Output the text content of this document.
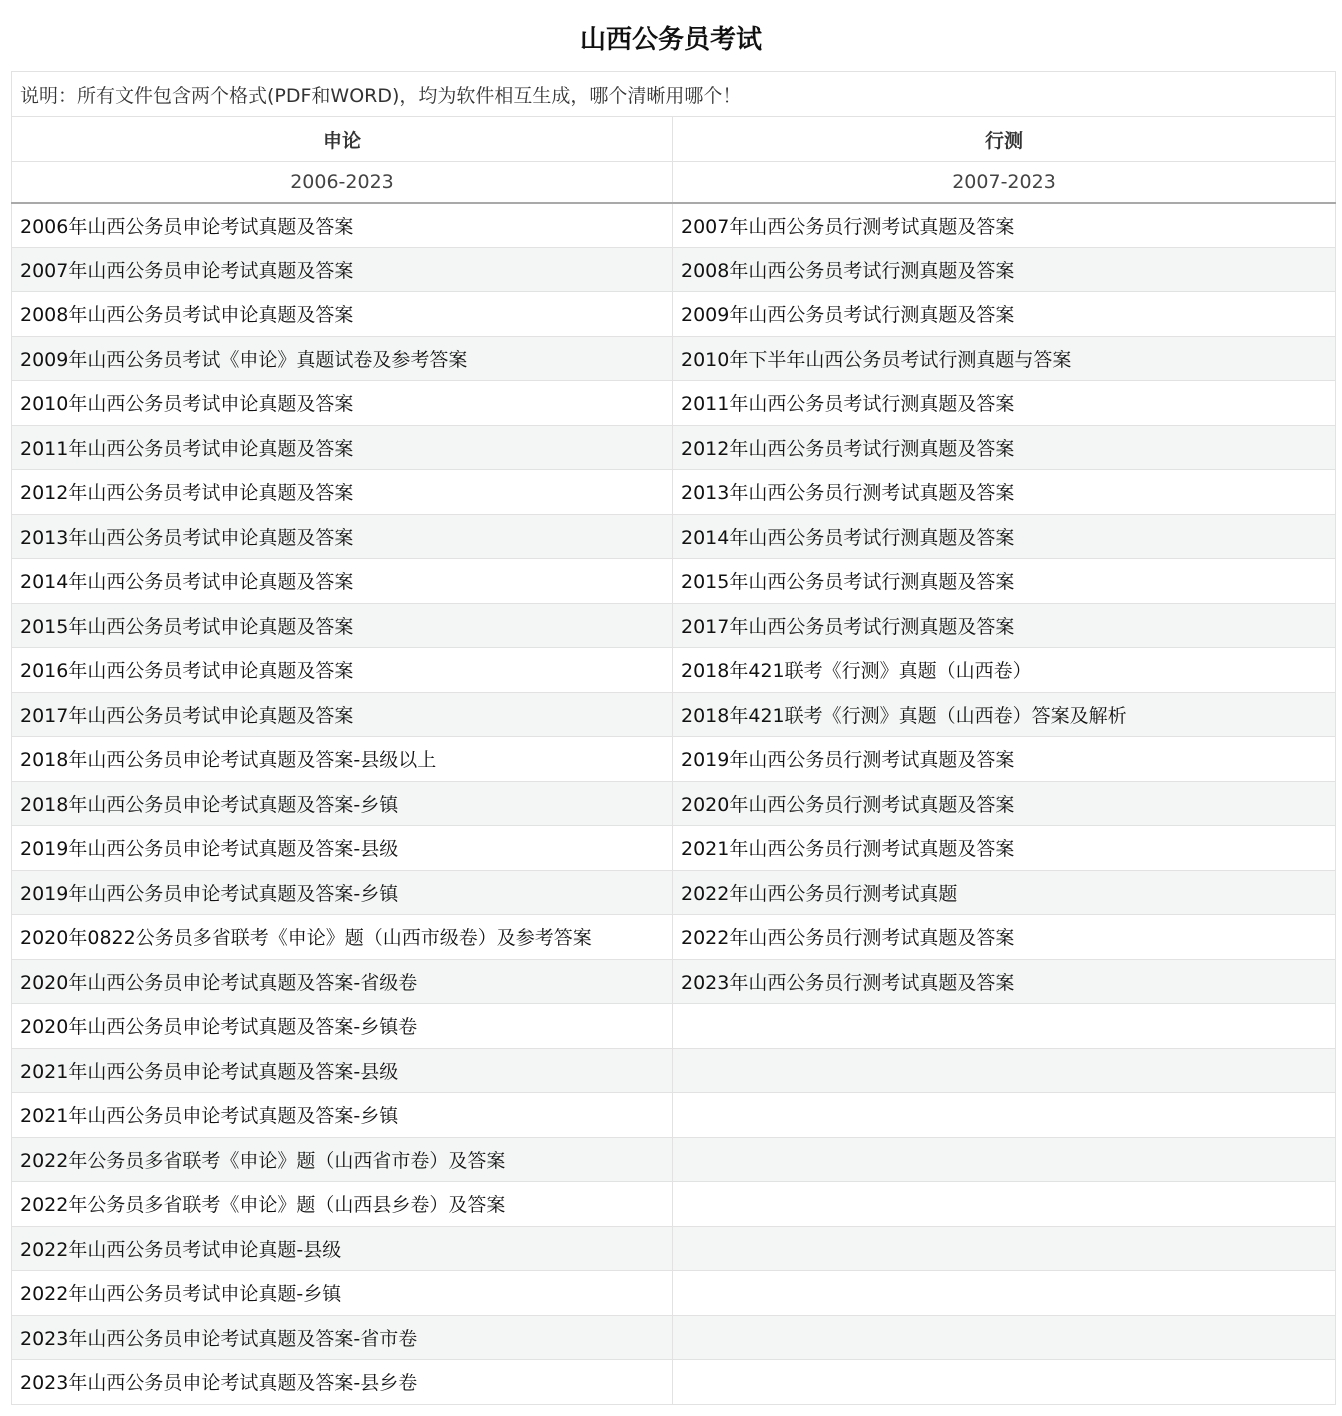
山西公务员考试
说明：所有文件包含两个格式(PDF和WORD)，均为软件相互生成，哪个清晰用哪个！	
申论	行测
2006-2023	2007-2023
2006年山西公务员申论考试真题及答案	2007年山西公务员行测考试真题及答案
2007年山西公务员申论考试真题及答案	2008年山西公务员考试行测真题及答案
2008年山西公务员考试申论真题及答案	2009年山西公务员考试行测真题及答案
2009年山西公务员考试《申论》真题试卷及参考答案	2010年下半年山西公务员考试行测真题与答案
2010年山西公务员考试申论真题及答案	2011年山西公务员考试行测真题及答案
2011年山西公务员考试申论真题及答案	2012年山西公务员考试行测真题及答案
2012年山西公务员考试申论真题及答案	2013年山西公务员行测考试真题及答案
2013年山西公务员考试申论真题及答案	2014年山西公务员考试行测真题及答案
2014年山西公务员考试申论真题及答案	2015年山西公务员考试行测真题及答案
2015年山西公务员考试申论真题及答案	2017年山西公务员考试行测真题及答案
2016年山西公务员考试申论真题及答案	2018年421联考《行测》真题（山西卷）
2017年山西公务员考试申论真题及答案	2018年421联考《行测》真题（山西卷）答案及解析
2018年山西公务员申论考试真题及答案-县级以上	2019年山西公务员行测考试真题及答案
2018年山西公务员申论考试真题及答案-乡镇	2020年山西公务员行测考试真题及答案
2019年山西公务员申论考试真题及答案-县级	2021年山西公务员行测考试真题及答案
2019年山西公务员申论考试真题及答案-乡镇	2022年山西公务员行测考试真题
2020年0822公务员多省联考《申论》题（山西市级卷）及参考答案	2022年山西公务员行测考试真题及答案
2020年山西公务员申论考试真题及答案-省级卷	2023年山西公务员行测考试真题及答案
2020年山西公务员申论考试真题及答案-乡镇卷	
2021年山西公务员申论考试真题及答案-县级	
2021年山西公务员申论考试真题及答案-乡镇	
2022年公务员多省联考《申论》题（山西省市卷）及答案	
2022年公务员多省联考《申论》题（山西县乡卷）及答案	
2022年山西公务员考试申论真题-县级	
2022年山西公务员考试申论真题-乡镇	
2023年山西公务员申论考试真题及答案-省市卷	
2023年山西公务员申论考试真题及答案-县乡卷	
